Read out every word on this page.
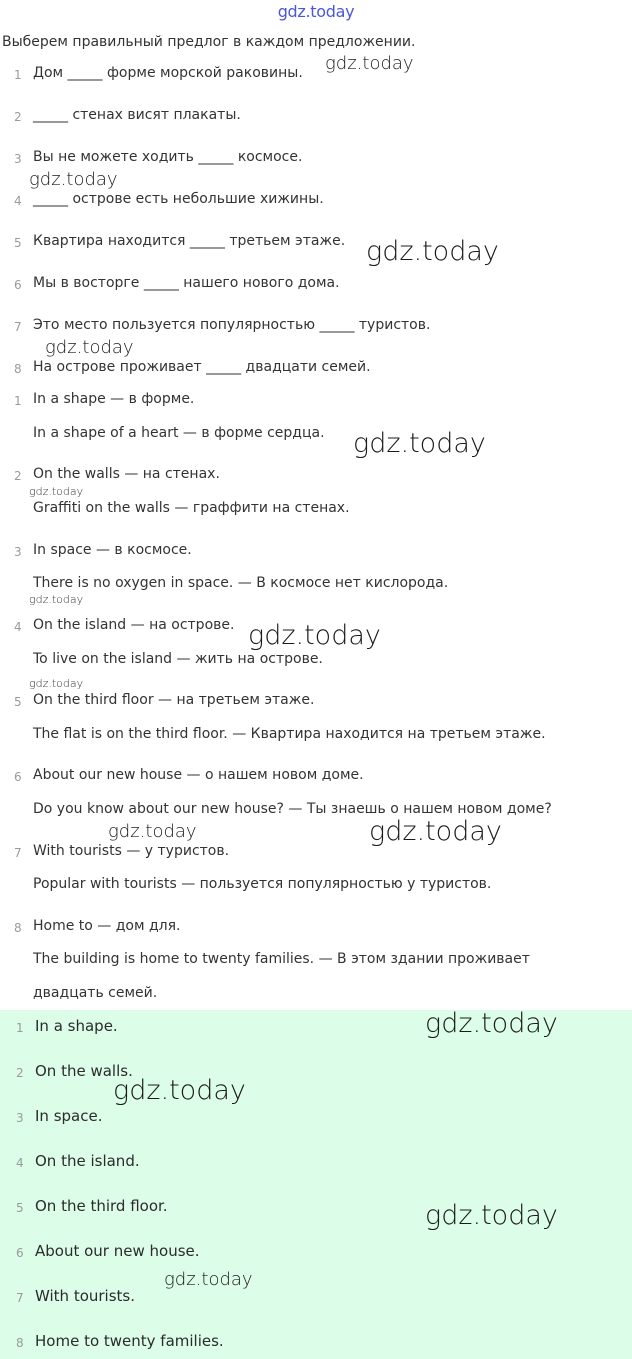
gdz.today
Выберем правильный предлог в каждом предложении.
1 Дом _____ форме морской раковины.
2 _____ стенах висят плакаты.
3 Вы не можете ходить _____ космосе.
4 _____ острове есть небольшие хижины.
5 Квартира находится _____ третьем этаже.
6 Мы в восторге _____ нашего нового дома.
7 Это место пользуется популярностью _____ туристов.
8 На острове проживает _____ двадцати семей.
1 In a shape — в форме.
In a shape of a heart — в форме сердца.
2 On the walls — на стенах.
Graffiti on the walls — граффити на стенах.
3 In space — в космосе.
There is no oxygen in space. — В космосе нет кислорода.
4 On the island — на острове.
To live on the island — жить на острове.
5 On the third floor — на третьем этаже.
The flat is on the third floor. — Квартира находится на третьем этаже.
6 About our new house — о нашем новом доме.
Do you know about our new house? — Ты знаешь о нашем новом доме?
7 With tourists — у туристов.
Popular with tourists — пользуется популярностью у туристов.
8 Home to — дом для.
The building is home to twenty families. — В этом здании проживает
двадцать семей.
1 In a shape.
2 On the walls.
3 In space.
4 On the island.
5 On the third floor.
6 About our new house.
7 With tourists.
8 Home to twenty families.
gdz.today
gdz.today
gdz.today
gdz.today
gdz.today
gdz.today
gdz.today
gdz.today
gdz.today
gdz.today	gdz.today
gdz.today
gdz.today
gdz.today
gdz.today
